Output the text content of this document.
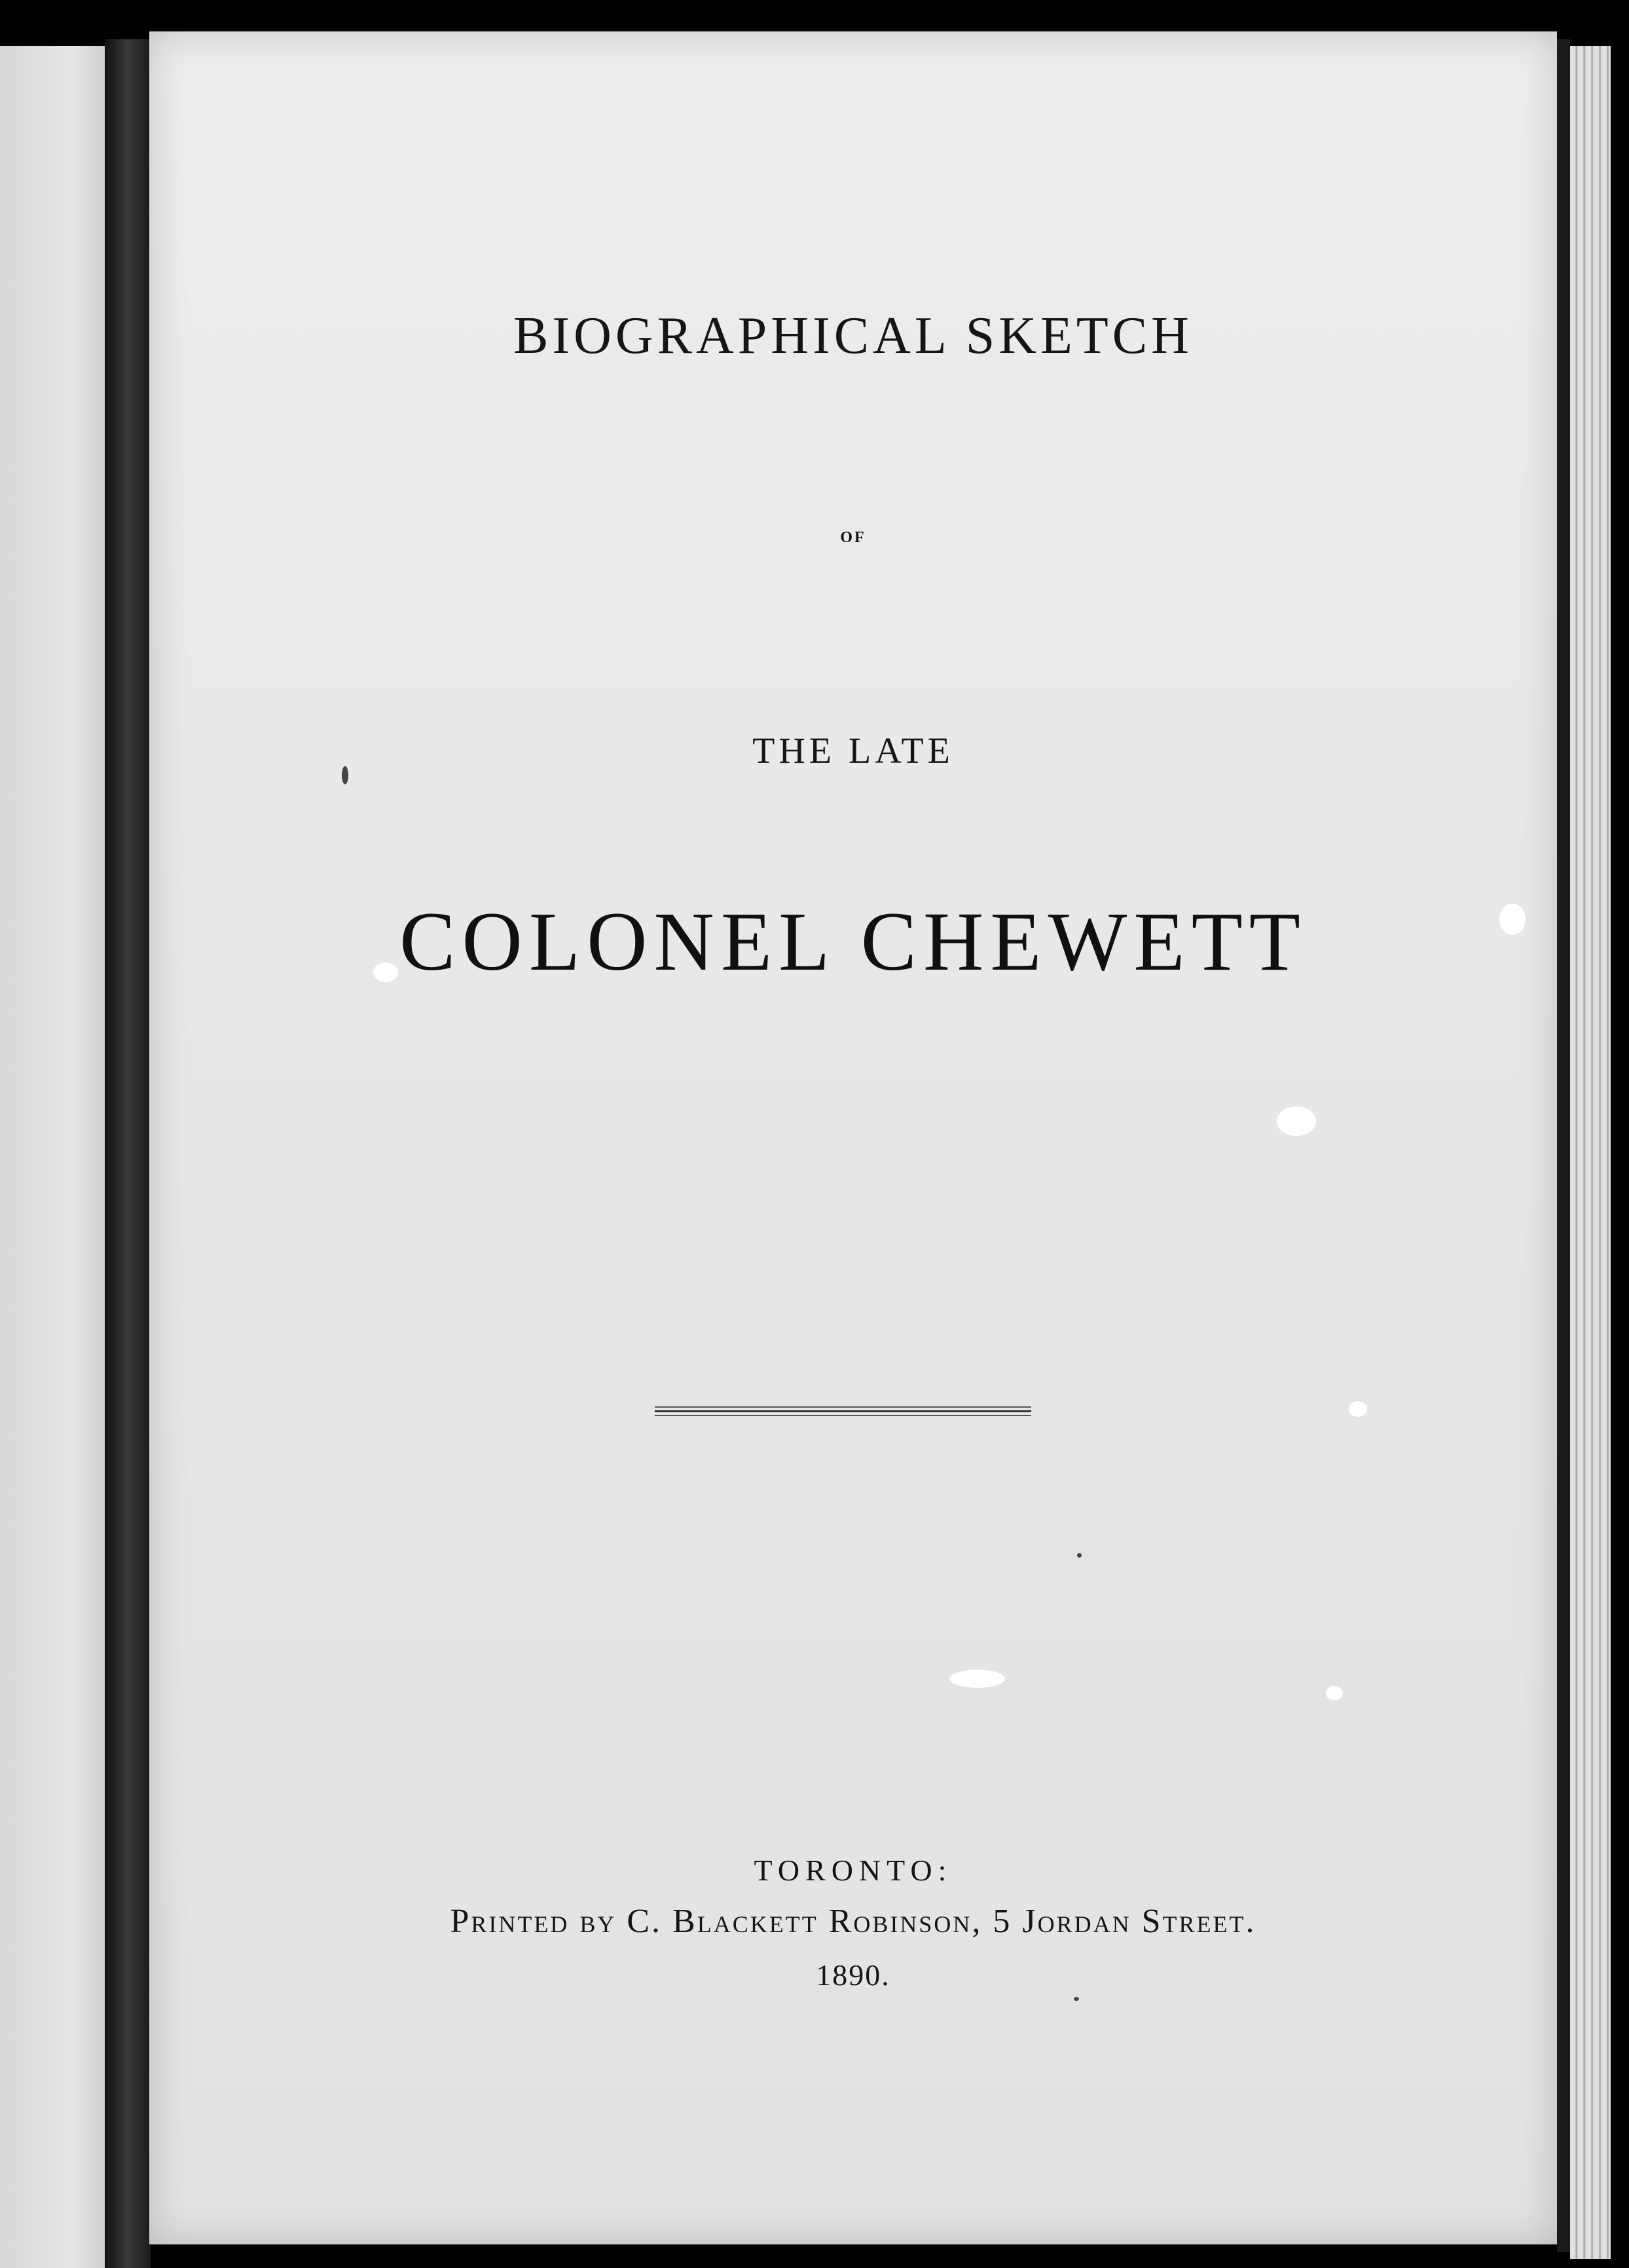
BIOGRAPHICAL SKETCH
OF
THE LATE
COLONEL CHEWETT
TORONTO:
Printed by C. Blackett Robinson, 5 Jordan Street.
1890.
